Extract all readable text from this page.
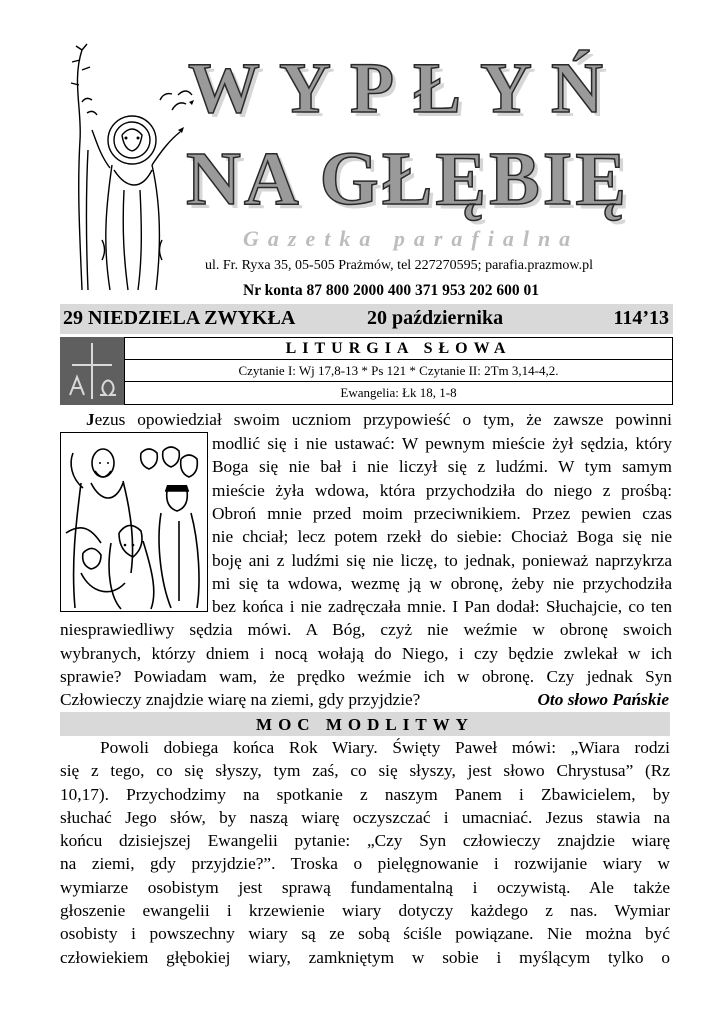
WYPŁYŃ
NA GŁĘBIĘ
Gazetka parafialna
ul. Fr. Ryxa 35, 05-505 Prażmów, tel 227270595; parafia.prazmow.pl
Nr konta 87 800 2000 400 371 953 202 600 01
29 NIEDZIELA ZWYKŁA	20 października	114’13
LITURGIA SŁOWA
Czytanie I: Wj 17,8-13 * Ps 121 * Czytanie II: 2Tm 3,14-4,2.
Ewangelia: Łk 18, 1-8
Jezus opowiedział swoim uczniom przypowieść o tym, że zawsze powinni
modlić się i nie ustawać: W pewnym mieście żył sędzia, który
Boga się nie bał i nie liczył się z ludźmi. W tym samym
mieście żyła wdowa, która przychodziła do niego z prośbą:
Obroń mnie przed moim przeciwnikiem. Przez pewien czas
nie chciał; lecz potem rzekł do siebie: Chociaż Boga się nie
boję ani z ludźmi się nie liczę, to jednak, ponieważ naprzykrza
mi się ta wdowa, wezmę ją w obronę, żeby nie przychodziła
bez końca i nie zadręczała mnie. I Pan dodał: Słuchajcie, co ten
niesprawiedliwy sędzia mówi. A Bóg, czyż nie weźmie w obronę swoich
wybranych, którzy dniem i nocą wołają do Niego, i czy będzie zwlekał w ich
sprawie? Powiadam wam, że prędko weźmie ich w obronę. Czy jednak Syn
Człowieczy znajdzie wiarę na ziemi, gdy przyjdzie?	Oto słowo Pańskie
MOC MODLITWY
Powoli dobiega końca Rok Wiary. Święty Paweł mówi: „Wiara rodzi
się z tego, co się słyszy, tym zaś, co się słyszy, jest słowo Chrystusa” (Rz
10,17). Przychodzimy na spotkanie z naszym Panem i Zbawicielem, by
słuchać Jego słów, by naszą wiarę oczyszczać i umacniać. Jezus stawia na
końcu dzisiejszej Ewangelii pytanie: „Czy Syn człowieczy znajdzie wiarę
na ziemi, gdy przyjdzie?”. Troska o pielęgnowanie i rozwijanie wiary w
wymiarze osobistym jest sprawą fundamentalną i oczywistą. Ale także
głoszenie ewangelii i krzewienie wiary dotyczy każdego z nas. Wymiar
osobisty i powszechny wiary są ze sobą ściśle powiązane. Nie można być
człowiekiem głębokiej wiary, zamkniętym w sobie i myślącym tylko o
